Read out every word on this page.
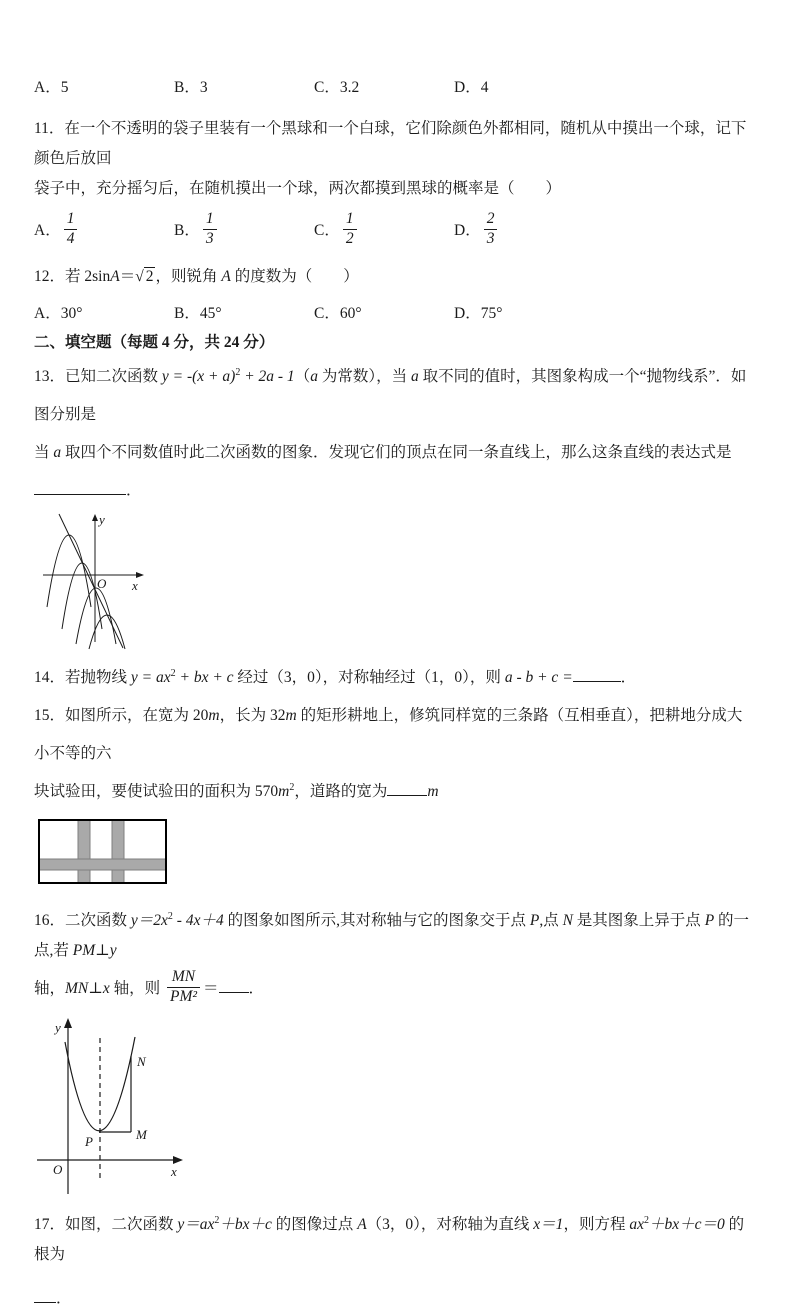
A．5	B．3	C．3.2	D．4
11．在一个不透明的袋子里装有一个黑球和一个白球，它们除颜色外都相同，随机从中摸出一个球，记下颜色后放回
袋子中，充分摇匀后，在随机摸出一个球，两次都摸到黑球的概率是（　　）
A． $\frac{1}{4}$	B． $\frac{1}{3}$	C． $\frac{1}{2}$	D． $\frac{2}{3}$
12．若 2sinA＝√ 2 ，则锐角 A 的度数为（　　）
A．30°	B．45°	C．60°	D．75°
二、填空题（每题 4 分，共 24 分）
13．已知二次函数 $y = -(x + a)^2 + 2a - 1(a$ 为常数），当 a 取不同的值时，其图象构成一个“抛物线系”．如图分别是
当 a 取四个不同数值时此二次函数的图象．发现它们的顶点在同一条直线上，那么这条直线的表达式是．
x
y
O
14．若抛物线 $y = ax^2$ + bx + c 经过（3，0），对称轴经过（1，0），则 a - b + c =	．
15．如图所示，在宽为 20m，长为 32m 的矩形耕地上，修筑同样宽的三条路（互相垂直），把耕地分成大小不等的六
块试验田，要使试验田的面积为 $570m^2$，道路的宽为	m
16．二次函数 $y=2x^2 - 4x+4$ 的图象如图所示,其对称轴与它的图象交于点 P,点 N 是其图象上异于点 P 的一点,若 PM⊥y
轴，MN⊥x 轴，则 $\frac{MN}{\text{PM²}}$ ＝ ．
y
x
O
N
M
P
17．如图，二次函数 $y=ax^2+bx+c$ 的图像过点 A（3，0），对称轴为直线 x＝1，则方程 $ax^2+bx+c=0$ 的根为
．
